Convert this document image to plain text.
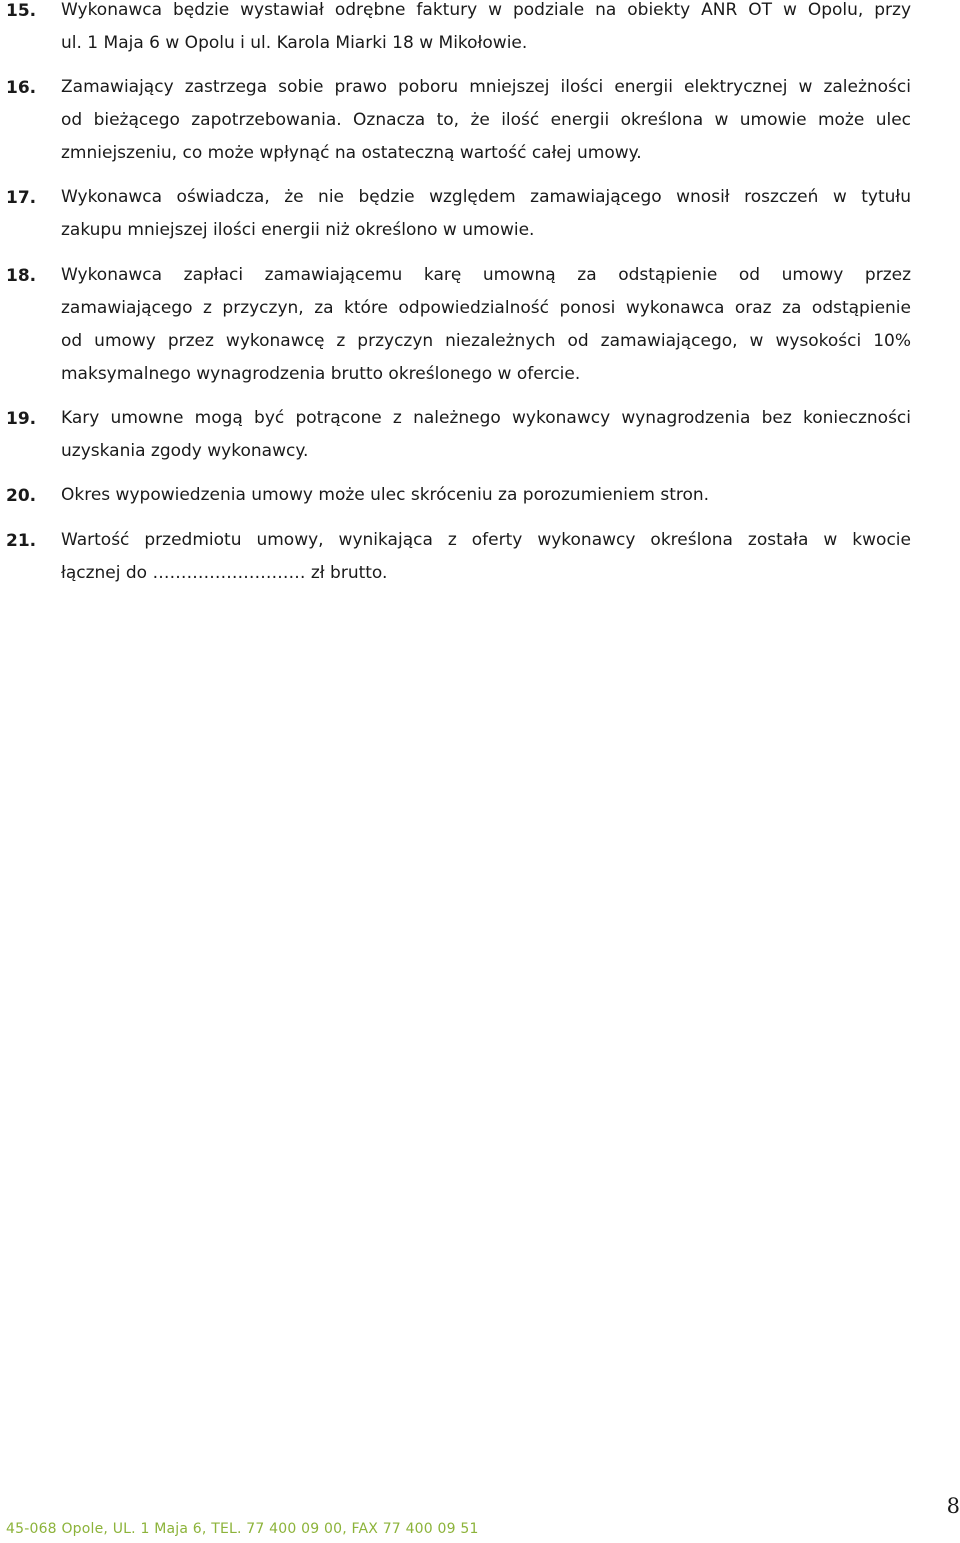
15. Wykonawca będzie wystawiał odrębne faktury w podziale na obiekty ANR OT w Opolu, przy
ul. 1 Maja 6 w Opolu i ul. Karola Miarki 18 w Mikołowie.
16. Zamawiający zastrzega sobie prawo poboru mniejszej ilości energii elektrycznej w zależności
od bieżącego zapotrzebowania. Oznacza to, że ilość energii określona w umowie może ulec
zmniejszeniu, co może wpłynąć na ostateczną wartość całej umowy.
17. Wykonawca oświadcza, że nie będzie względem zamawiającego wnosił roszczeń w tytułu
zakupu mniejszej ilości energii niż określono w umowie.
18. Wykonawca zapłaci zamawiającemu karę umowną za odstąpienie od umowy przez
zamawiającego z przyczyn, za które odpowiedzialność ponosi wykonawca oraz za odstąpienie
od umowy przez wykonawcę z przyczyn niezależnych od zamawiającego, w wysokości 10%
maksymalnego wynagrodzenia brutto określonego w ofercie.
19. Kary umowne mogą być potrącone z należnego wykonawcy wynagrodzenia bez konieczności
uzyskania zgody wykonawcy.
20. Okres wypowiedzenia umowy może ulec skróceniu za porozumieniem stron.
21. Wartość przedmiotu umowy, wynikająca z oferty wykonawcy określona została w kwocie
łącznej do ……………………… zł brutto.
8
45-068 Opole, UL. 1 Maja 6, TEL. 77 400 09 00, FAX 77 400 09 51
